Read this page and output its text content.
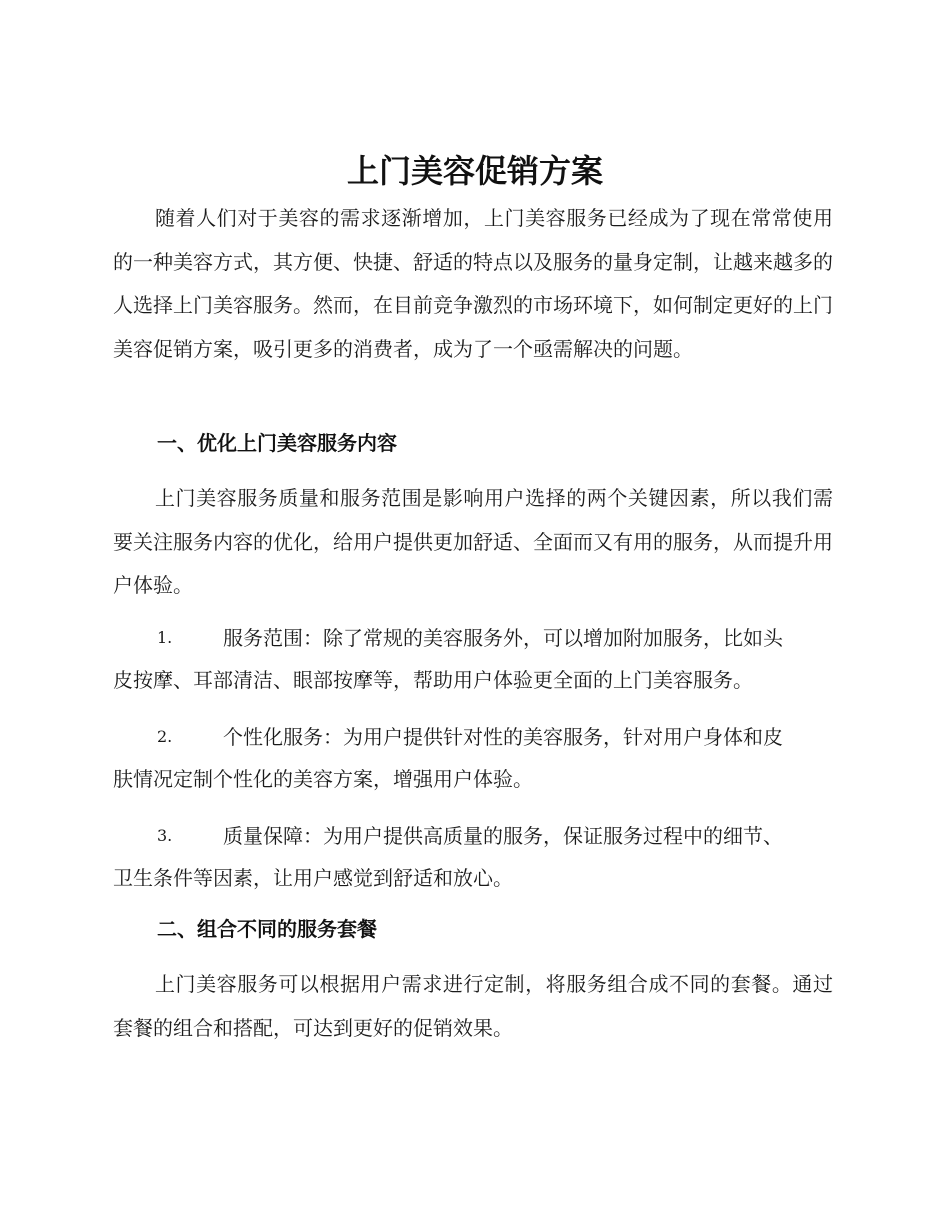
上门美容促销方案

随着人们对于美容的需求逐渐增加，上门美容服务已经成为了现在常常使用的一种美容方式，其方便、快捷、舒适的特点以及服务的量身定制，让越来越多的人选择上门美容服务。然而，在目前竞争激烈的市场环境下，如何制定更好的上门美容促销方案，吸引更多的消费者，成为了一个亟需解决的问题。

一、优化上门美容服务内容

上门美容服务质量和服务范围是影响用户选择的两个关键因素，所以我们需要关注服务内容的优化，给用户提供更加舒适、全面而又有用的服务，从而提升用户体验。

1.	服务范围：除了常规的美容服务外，可以增加附加服务，比如头
皮按摩、耳部清洁、眼部按摩等，帮助用户体验更全面的上门美容服务。
2.	个性化服务：为用户提供针对性的美容服务，针对用户身体和皮
肤情况定制个性化的美容方案，增强用户体验。
3.	质量保障：为用户提供高质量的服务，保证服务过程中的细节、
卫生条件等因素，让用户感觉到舒适和放心。
二、组合不同的服务套餐

上门美容服务可以根据用户需求进行定制，将服务组合成不同的套餐。通过套餐的组合和搭配，可达到更好的促销效果。
